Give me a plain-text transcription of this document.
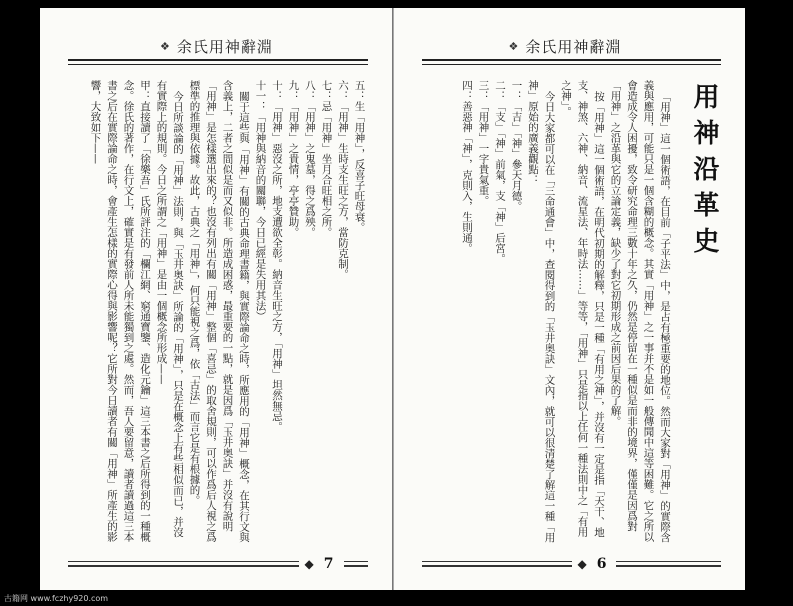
❖ 余氏用神辭淵

五：生「用神」，反喜子旺母衰。

六：「用神」生時支生旺之方，當防克制。

七：忌「用神」坐月合旺相之所。

八：「用神」之鬼墓，得之爲殃。

九：「用神」之貴情，亭亭贊助。

十：「用神」惡沒之所，地支遭欲全彰。納音生旺之方，「用神」坦然無忌。

十一：「用神與納音的關聯，今日已經是失用其法）

關于這些與「用神」有關的古典命理書籍，與實際論命之時，所應用的「用神」概念，在其行文與含義上，二者之間似是而又似非。所造成困惑，最重要的一點，就是因爲「玉井奥訣」并沒有說明「用神」是怎樣選出來的？也沒有列出有關「用神」整個「喜忌」的取舍規則，可以作爲后人視之爲標準的推理與依據。故此，古典之「用神」，何只能視之爲，依「古法」而言它是有根據的。

今日所談論的「用神」法則，與「玉井奥訣」所論的「用神」，只是在概念上有些相似而已，并沒有實際上的規則。今日之所謂之「用神」是由一個概念所形成——

甲：直接讀了「徐樂吾」氏所評注的「欄江網、窮通寶鑒、造化元鑰」這三本書之后所得到的一種概念。徐氏的著作，在行文上，確實是有發前人所未能獨到之處。然而，吾人要留意，讀者讀過這三本書之后在實際論命之時，會產生怎樣的實際心得與影響呢？它所對今日讀者有關「用神」所產生的影響，大致如下——

◆ 7
❖ 余氏用神辭淵
用神沿革史

「用神」這一個術語，在目前「子平法」中，是占有極重要的地位。然而大家對「用神」的實際含義與應用，可能只是一個含糊的概念。其實「用神」之一事并不是如一般傳聞中這等困難。它之所以會造成令人困擾，致令研究命理三數十年之久，仍然是停留在一種似是而非的境界，僅僅是因爲對「用神」之沿革與它的立論定義，缺少了對它初期形成之前因后果的了解。

按「用神」這一個術語，在明代初期的解釋，只是一種「有用之神」，并沒有一定是指「天干、地支、神煞、六神、納音、流星法、年時法……」等等，「用神」只是指以上任何一種法則中之「有用之神」。

今日大家都可以在「三命通會」中，查閱得到的「玉井奥訣」文內，就可以很清楚了解這一種「用神」原始的廣義觀點：

一：「吉」「神」參天月德。

二：「支」「神」前氣，支「神」后宮。

三：「用神」一字貴氣重。

四：善惡神「神」，克則入，生則通。

◆ 6
古籍网 www.fczhy920.com
